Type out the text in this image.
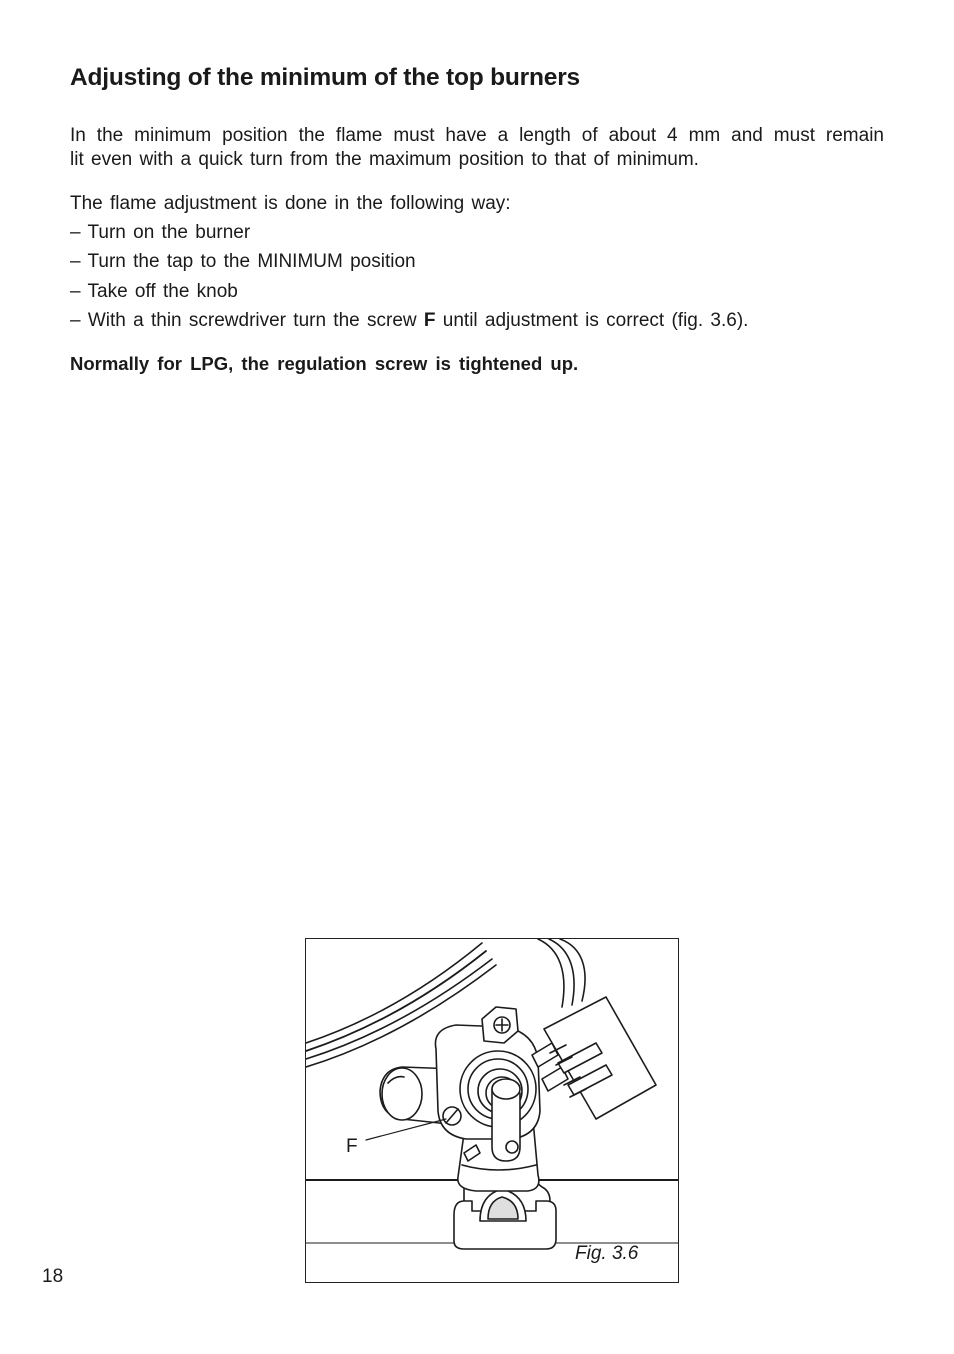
Adjusting of the minimum of the top burners

In the minimum position the flame must have a length of about 4 mm and must remain
lit even with a quick turn from the maximum position to that of minimum.

The flame adjustment is done in the following way:

– Turn on the burner
– Turn the tap to the MINIMUM position
– Take off the knob
– With a thin screwdriver turn the screw F until adjustment is correct (fig. 3.6).

Normally for LPG, the regulation screw is tightened up.

F
Fig. 3.6
18
